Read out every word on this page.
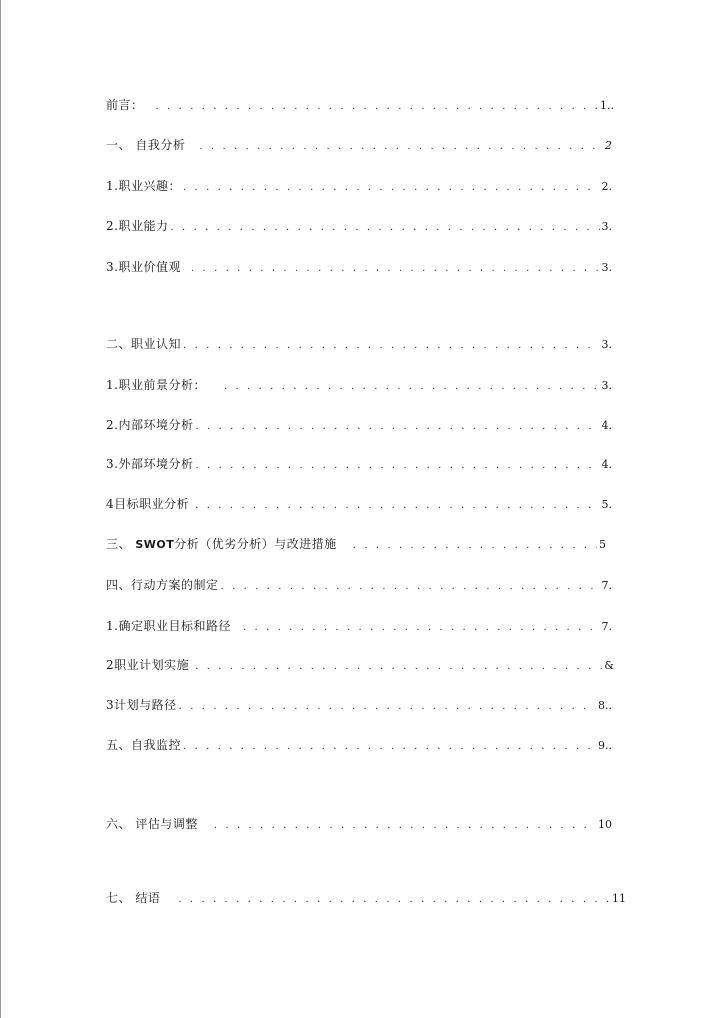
前言： . . .	1..
一、 自我分析 . . .	2
1.职业兴趣： . . .	2.
2.职业能力 . . .	3.
3.职业价值观 . . .	3.
二、职业认知 . . .	3.
1.职业前景分析： . . .	3.
2.内部环境分析 . . .	4.
3.外部环境分析 . . .	4.
4目标职业分析 . . .	5.
三、 SWOT分析（优劣分析）与改进措施 . . .	5
四、行动方案的制定 . . .	7.
1.确定职业目标和路径 . . .	7.
2职业计划实施 . . .	&
3计划与路径 . . .	8..
五、自我监控 . . .	9..
六、 评估与调整 . . .	10
七、 结语 . . .	11
